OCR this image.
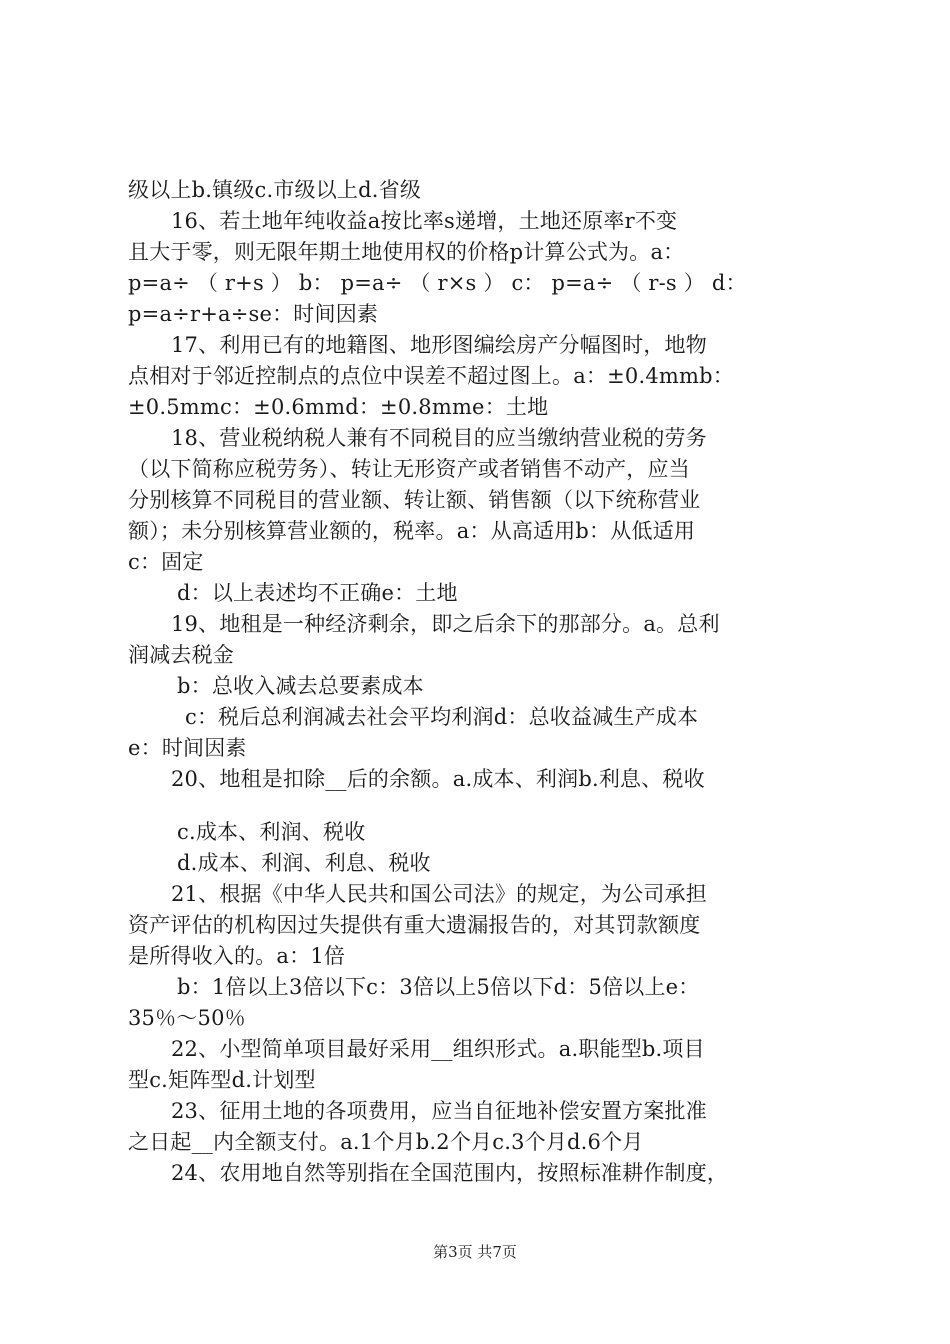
级以上b.镇级c.市级以上d.省级
16、若土地年纯收益a按比率s递增，土地还原率r不变
且大于零，则无限年期土地使用权的价格p计算公式为。a：
p=a÷ （ r+s ） b： p=a÷ （ r×s ） c： p=a÷ （ r-s ） d：
p=a÷r+a÷se：时间因素
17、利用已有的地籍图、地形图编绘房产分幅图时，地物
点相对于邻近控制点的点位中误差不超过图上。a：±0.4mmb：
±0.5mmc：±0.6mmd：±0.8mme：土地
18、营业税纳税人兼有不同税目的应当缴纳营业税的劳务
（以下简称应税劳务）、转让无形资产或者销售不动产，应当
分别核算不同税目的营业额、转让额、销售额（以下统称营业
额）；未分别核算营业额的，税率。a：从高适用b：从低适用
c：固定
d：以上表述均不正确e：土地
19、地租是一种经济剩余，即之后余下的那部分。a。总利
润减去税金
b：总收入减去总要素成本
c：税后总利润减去社会平均利润d：总收益减生产成本
e：时间因素
20、地租是扣除__后的余额。a.成本、利润b.利息、税收
c.成本、利润、税收
d.成本、利润、利息、税收
21、根据《中华人民共和国公司法》的规定，为公司承担
资产评估的机构因过失提供有重大遗漏报告的，对其罚款额度
是所得收入的。a：1倍
b：1倍以上3倍以下c：3倍以上5倍以下d：5倍以上e：
35％～50％
22、小型简单项目最好采用__组织形式。a.职能型b.项目
型c.矩阵型d.计划型
23、征用土地的各项费用，应当自征地补偿安置方案批准
之日起__内全额支付。a.1个月b.2个月c.3个月d.6个月
24、农用地自然等别指在全国范围内，按照标准耕作制度，
第3页 共7页
